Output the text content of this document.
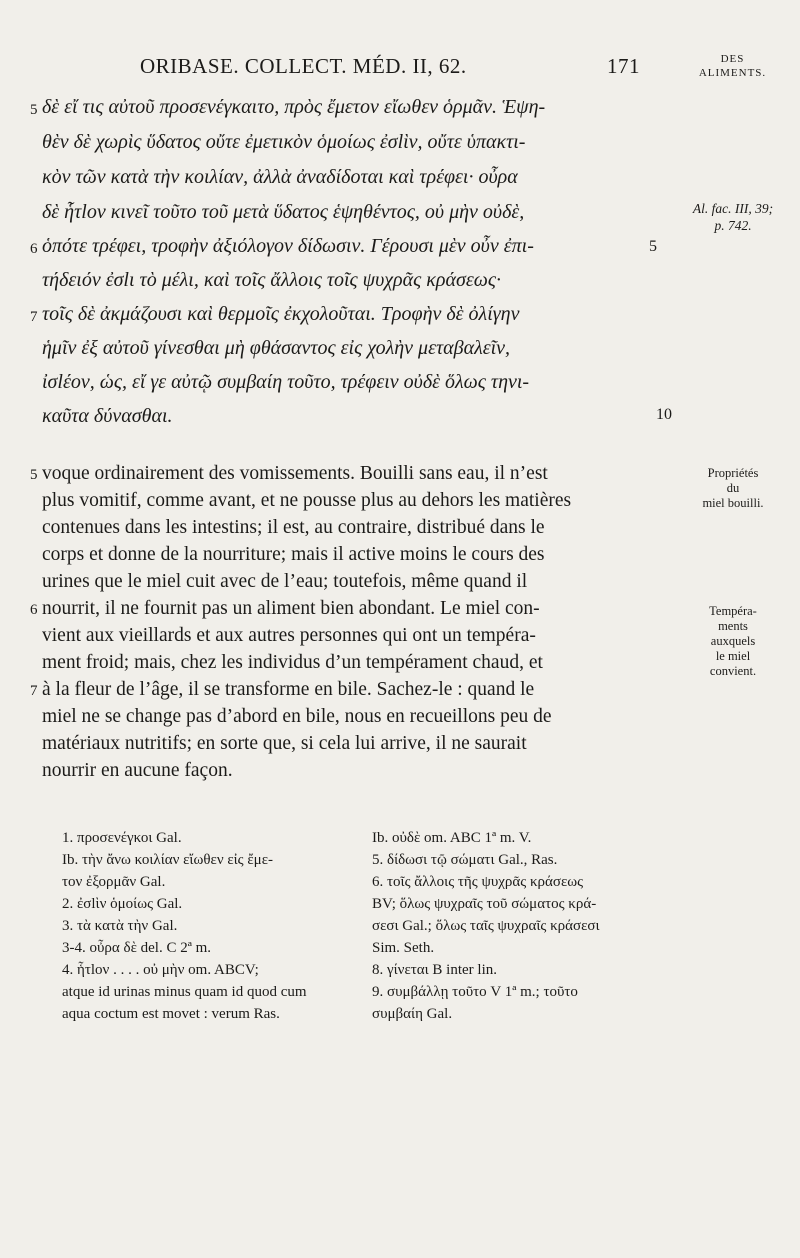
ORIBASE. COLLECT. MÉD. II, 62.	171	DES
ALIMENTS.
δὲ εἴ τις αὐτοῦ προσενέγκαιτο, πρὸς ἔμετον εἴωθεν ὁρμᾶν. Ἑψη-
θὲν δὲ χωρὶς ὕδατος οὔτε ἐμετικὸν ὁμοίως ἐσlὶν, οὔτε ὑπακτι-
κὸν τῶν κατὰ τὴν κοιλίαν, ἀλλὰ ἀναδίδοται καὶ τρέφει· οὖρα
δὲ ἧτlον κινεῖ τοῦτο τοῦ μετὰ ὕδατος ἑψηθέντος, οὐ μὴν οὐδὲ,
ὁπότε τρέφει, τροφὴν ἀξιόλογον δίδωσιν. Γέρουσι μὲν οὖν ἐπι-
τήδειόν ἐσlι τὸ μέλι, καὶ τοῖς ἄλλοις τοῖς ψυχρᾶς κράσεως·
τοῖς δὲ ἀκμάζουσι καὶ θερμοῖς ἐκχολοῦται. Τροφὴν δὲ ὀλίγην
ἡμῖν ἐξ αὐτοῦ γίνεσθαι μὴ φθάσαντος εἰς χολὴν μεταβαλεῖν,
ἰσlέον, ὡς, εἴ γε αὐτῷ συμβαίη τοῦτο, τρέφειν οὐδὲ ὅλως τηνι-
καῦτα δύνασθαι.
5
6
7
5
10
Al. fac. III, 39;
p. 742.
voque ordinairement des vomissements. Bouilli sans eau, il n’est
plus vomitif, comme avant, et ne pousse plus au dehors les matières
contenues dans les intestins; il est, au contraire, distribué dans le
corps et donne de la nourriture; mais il active moins le cours des
urines que le miel cuit avec de l’eau; toutefois, même quand il
nourrit, il ne fournit pas un aliment bien abondant. Le miel con-
vient aux vieillards et aux autres personnes qui ont un tempéra-
ment froid; mais, chez les individus d’un tempérament chaud, et
à la fleur de l’âge, il se transforme en bile. Sachez-le : quand le
miel ne se change pas d’abord en bile, nous en recueillons peu de
matériaux nutritifs; en sorte que, si cela lui arrive, il ne saurait
nourrir en aucune façon.
5
6
7
Propriétés
du
miel bouilli.
Tempéra-
ments
auxquels
le miel
convient.
1. προσενέγκοι Gal.
Ib. τὴν ἄνω κοιλίαν εἴωθεν εἰς ἔμε-
τον ἐξορμᾶν Gal.
2. ἐσlὶν ὁμοίως Gal.
3. τὰ κατὰ τὴν Gal.
3-4. οὖρα δὲ del. C 2ª m.
4. ἧτlον . . . . οὐ μὴν om. ABCV;
atque id urinas minus quam id quod cum
aqua coctum est movet : verum Ras.
Ib. οὐδὲ om. ABC 1ª m. V.
5. δίδωσι τῷ σώματι Gal., Ras.
6. τοῖς ἄλλοις τῆς ψυχρᾶς κράσεως
BV; ὅλως ψυχραῖς τοῦ σώματος κρά-
σεσι Gal.; ὅλως ταῖς ψυχραῖς κράσεσι
Sim. Seth.
8. γίνεται B inter lin.
9. συμβάλλῃ τοῦτο V 1ª m.; τοῦτο
συμβαίη Gal.
